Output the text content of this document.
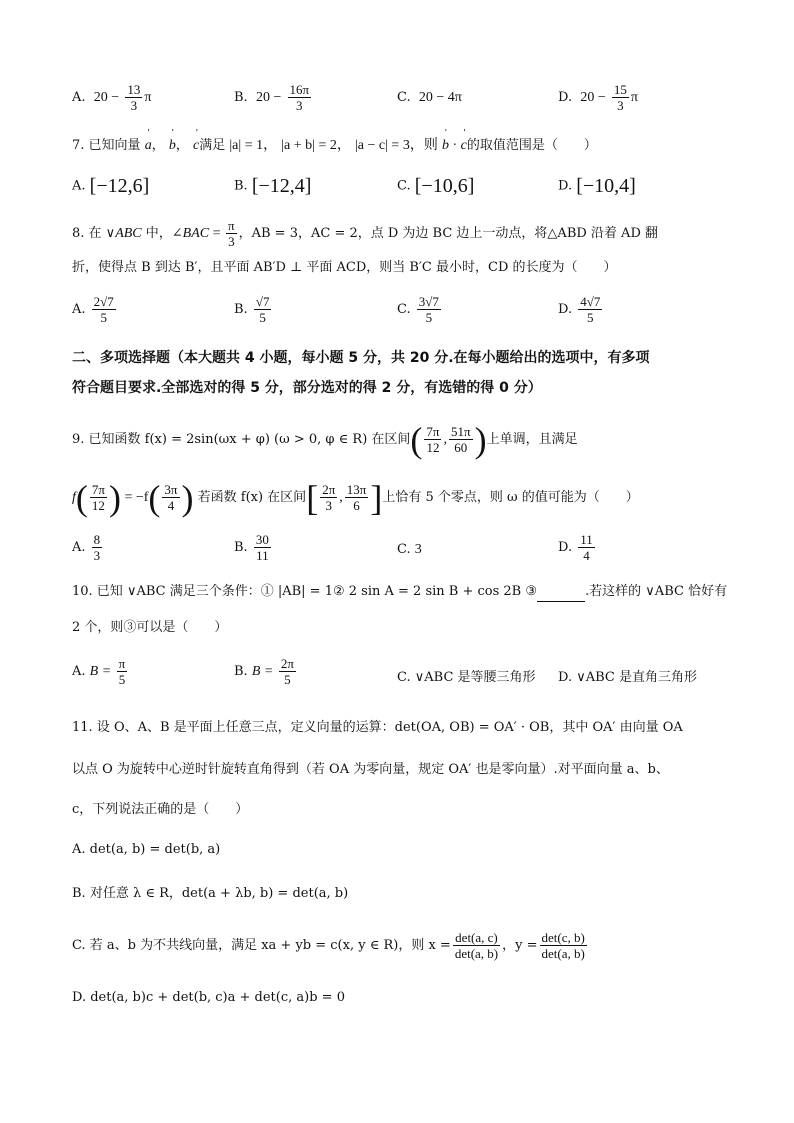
A. $20 - \frac{13}{3}$ π	B. $20 - \frac{16\pi}{3}$	C. 20 − 4π	D. $20 - \frac{15}{3}$ π
7. 已知向量 ' a， ' b， ' c满足 |a| = 1， |a + b| = 2， |a − c| = 3，则 ' b · ' c的取值范围是（　　）
A. [−12,6]	B. [−12,4]	C. [−10,6]	D. [−10,4]
8. 在 ∨ABC 中，∠BAC = $\frac{\pi}{3}$ ，AB = 3，AC = 2，点 D 为边 BC 边上一动点，将△ABD 沿着 AD 翻
折，使得点 B 到达 B′，且平面 AB′D ⊥ 平面 ACD，则当 B′C 最小时，CD 的长度为（　　）
A. $\frac{2√7}{5}$	B. $\frac{√7}{5}$	C. $\frac{3√7}{5}$	D. $\frac{4√7}{5}$
二、多项选择题（本大题共 4 小题，每小题 5 分，共 20 分.在每小题给出的选项中，有多项
符合题目要求.全部选对的得 5 分，部分选对的得 2 分，有选错的得 0 分）
9. 已知函数 f(x) = 2sin(ωx + φ) (ω > 0, φ ∈ R) 在区间( $\frac{7\pi}{12}$ , $\frac{51\pi}{60}$ )上单调，且满足
$f( \frac{7\pi}{12}$ ) = $-f( \frac{3\pi}{4}$ ) 若函数 f(x) 在区间[ $\frac{2\pi}{3}$ , $\frac{13\pi}{6}$ ]上恰有 5 个零点，则 ω 的值可能为（　　）
A. $\frac{8}{3}$	B. $\frac{30}{11}$	C. 3	D. $\frac{11}{4}$
10. 已知 ∨ABC 满足三个条件：① |AB| = 1② 2 sin A = 2 sin B + cos 2B ③	.若这样的 ∨ABC 恰好有
2 个，则③可以是（　　）
A. $B = \frac{\pi}{5}$	B. $B = \frac{2\pi}{5}$	C. ∨ABC 是等腰三角形 D. ∨ABC 是直角三角形
11. 设 O、A、B 是平面上任意三点，定义向量的运算：det(OA, OB) = OA′ · OB，其中 OA′ 由向量 OA
以点 O 为旋转中心逆时针旋转直角得到（若 OA 为零向量，规定 OA′ 也是零向量）.对平面向量 a、b、
c，下列说法正确的是（　　）
A. det(a, b) = det(b, a)
B. 对任意 λ ∈ R，det(a + λb, b) = det(a, b)
C. 若 a、b 为不共线向量，满足 xa + yb = c(x, y ∈ R)，则 $x = \frac{\det(a, c)}{\det(a, b)}$ ，$y = \frac{\det(c, b)}{\det(a, b)}$
D. det(a, b)c + det(b, c)a + det(c, a)b = 0
